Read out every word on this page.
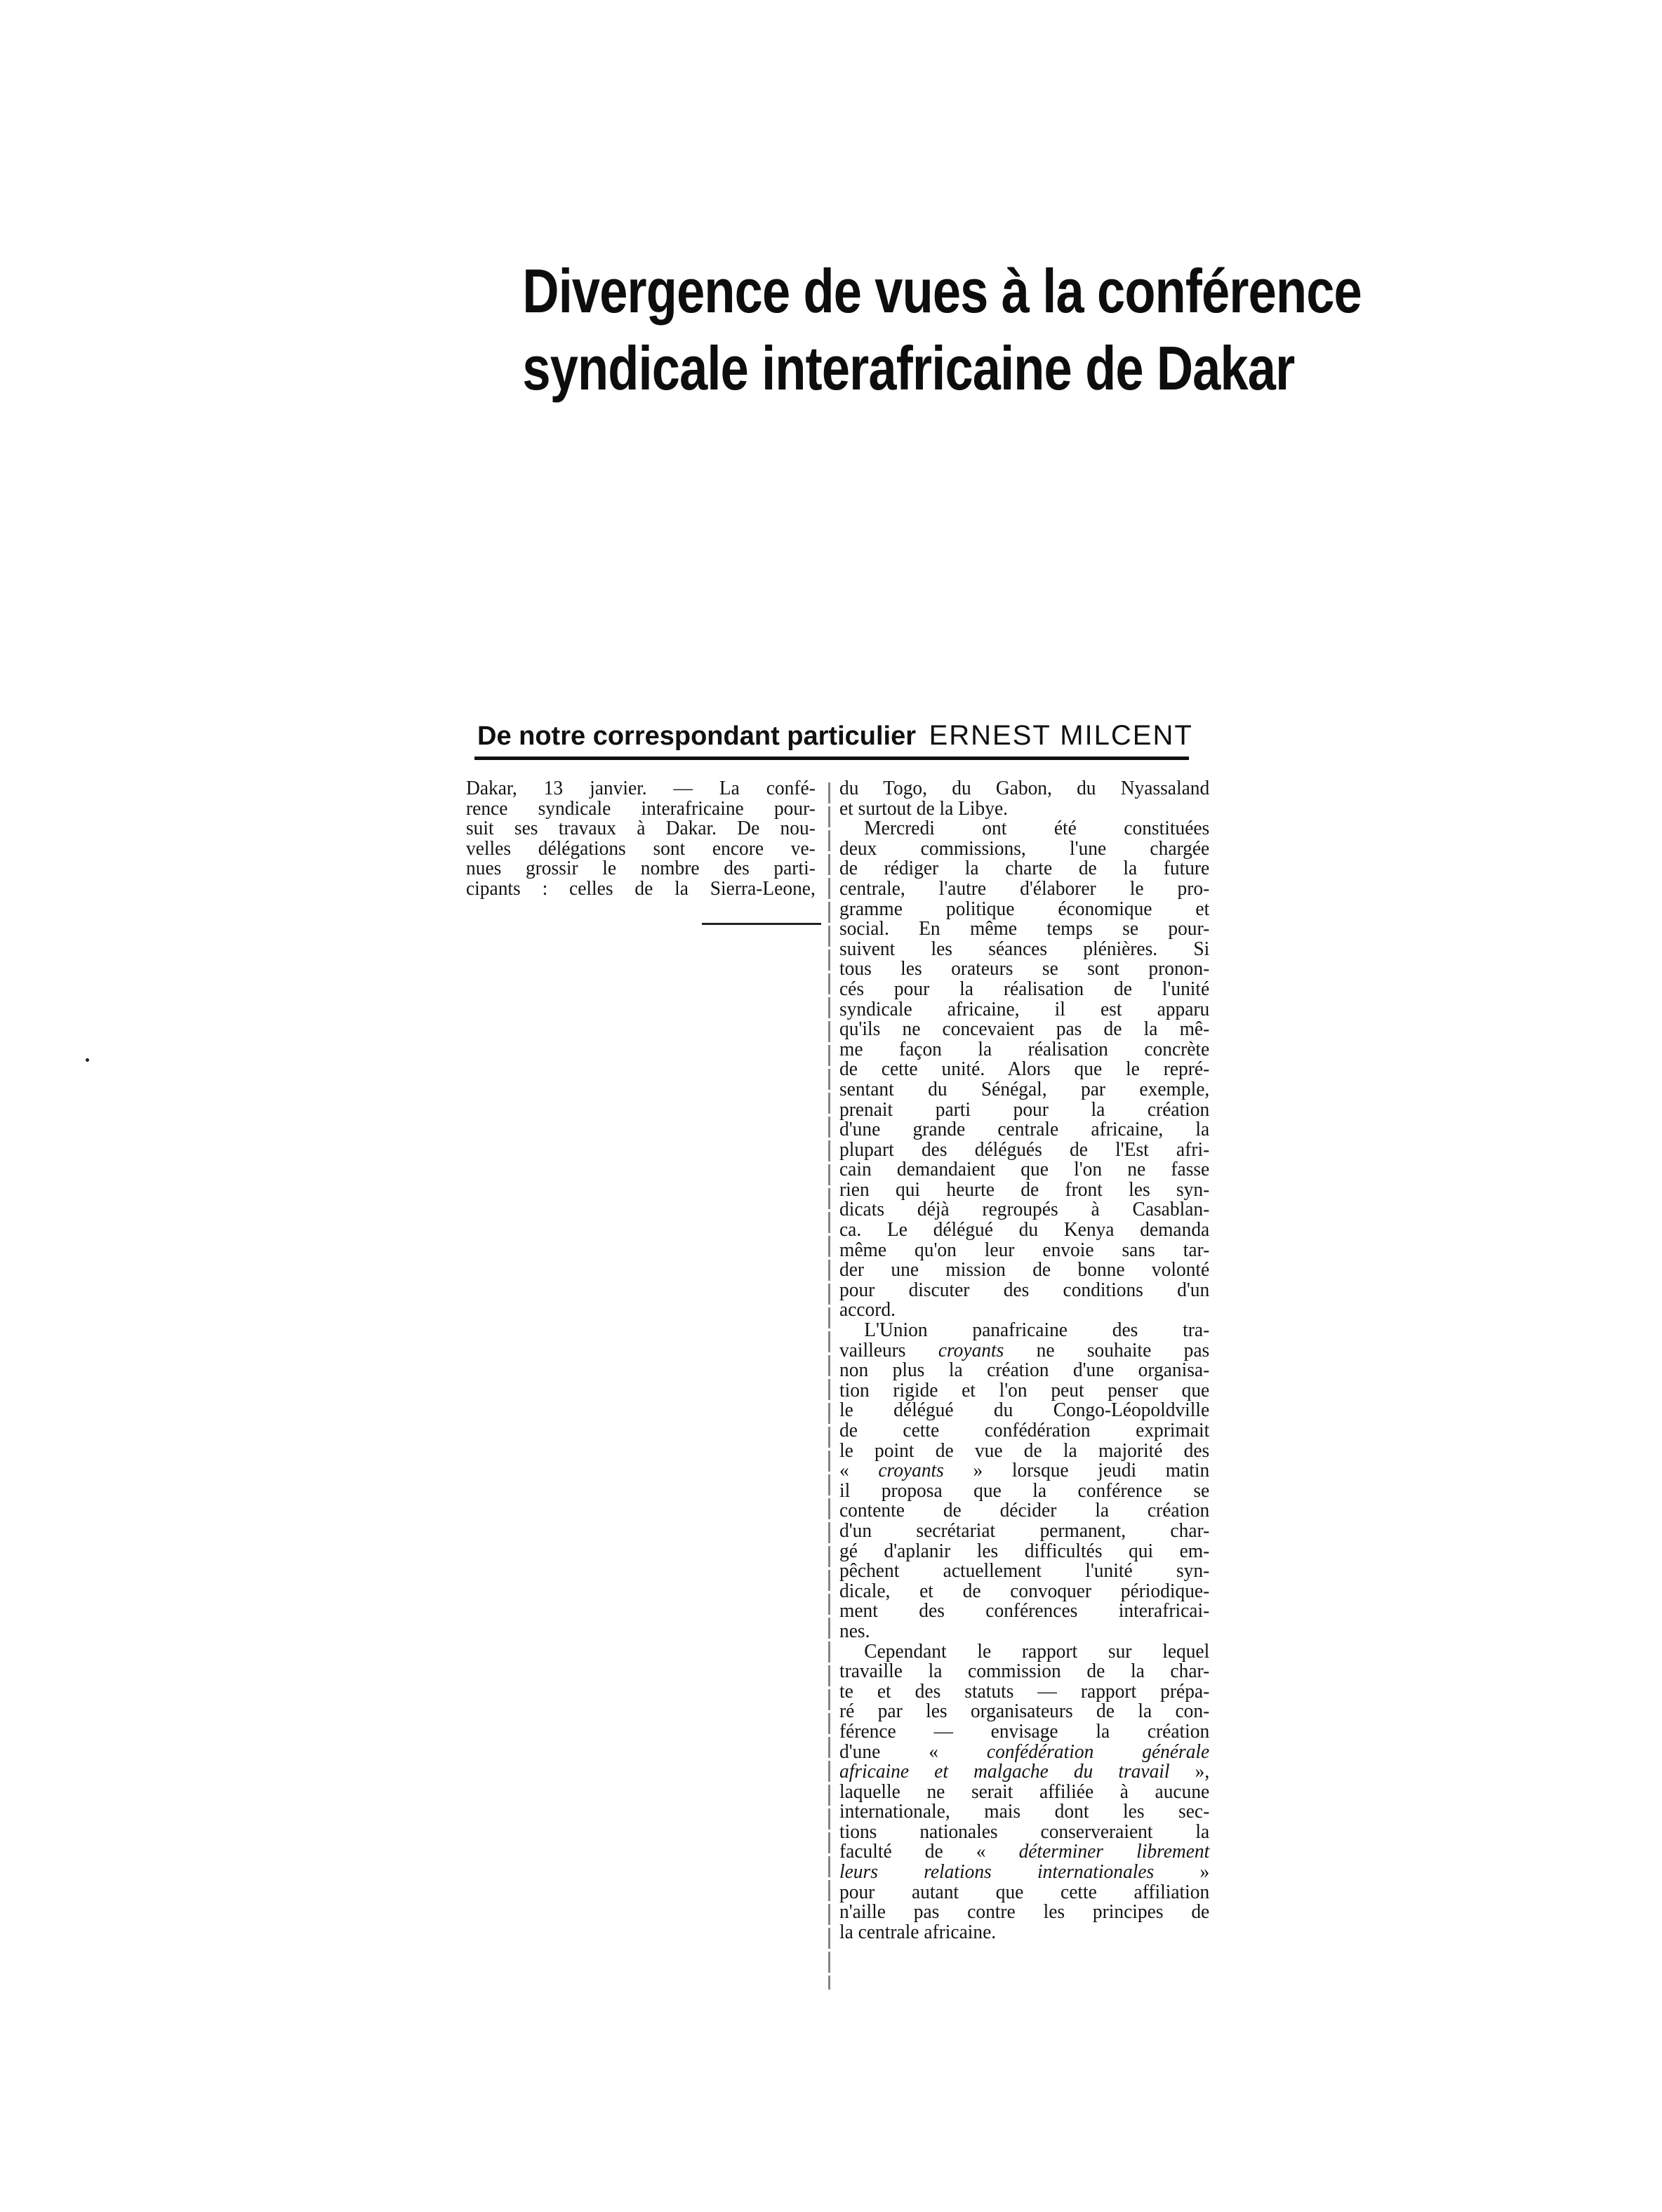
Divergence de vues à la conférence
syndicale interafricaine de Dakar
De notre correspondant particulier ERNEST MILCENT

Dakar, 13 janvier. — La confé-
rence syndicale interafricaine pour-
suit ses travaux à Dakar. De nou-
velles délégations sont encore ve-
nues grossir le nombre des parti-
cipants : celles de la Sierra-Leone,

du Togo, du Gabon, du Nyassaland
et surtout de la Libye.

Mercredi ont été constituées
deux commissions, l'une chargée
de rédiger la charte de la future
centrale, l'autre d'élaborer le pro-
gramme politique économique et
social. En même temps se pour-
suivent les séances plénières. Si
tous les orateurs se sont pronon-
cés pour la réalisation de l'unité
syndicale africaine, il est apparu
qu'ils ne concevaient pas de la mê-
me façon la réalisation concrète
de cette unité. Alors que le repré-
sentant du Sénégal, par exemple,
prenait parti pour la création
d'une grande centrale africaine, la
plupart des délégués de l'Est afri-
cain demandaient que l'on ne fasse
rien qui heurte de front les syn-
dicats déjà regroupés à Casablan-
ca. Le délégué du Kenya demanda
même qu'on leur envoie sans tar-
der une mission de bonne volonté
pour discuter des conditions d'un
accord.

L'Union panafricaine des tra-
vailleurs croyants ne souhaite pas
non plus la création d'une organisa-
tion rigide et l'on peut penser que
le délégué du Congo-Léopoldville
de cette confédération exprimait
le point de vue de la majorité des
« croyants » lorsque jeudi matin
il proposa que la conférence se
contente de décider la création
d'un secrétariat permanent, char-
gé d'aplanir les difficultés qui em-
pêchent actuellement l'unité syn-
dicale, et de convoquer périodique-
ment des conférences interafricai-
nes.

Cependant le rapport sur lequel
travaille la commission de la char-
te et des statuts — rapport prépa-
ré par les organisateurs de la con-
férence — envisage la création
d'une « confédération générale
africaine et malgache du travail »,
laquelle ne serait affiliée à aucune
internationale, mais dont les sec-
tions nationales conserveraient la
faculté de « déterminer librement
leurs relations internationales »
pour autant que cette affiliation
n'aille pas contre les principes de
la centrale africaine.
